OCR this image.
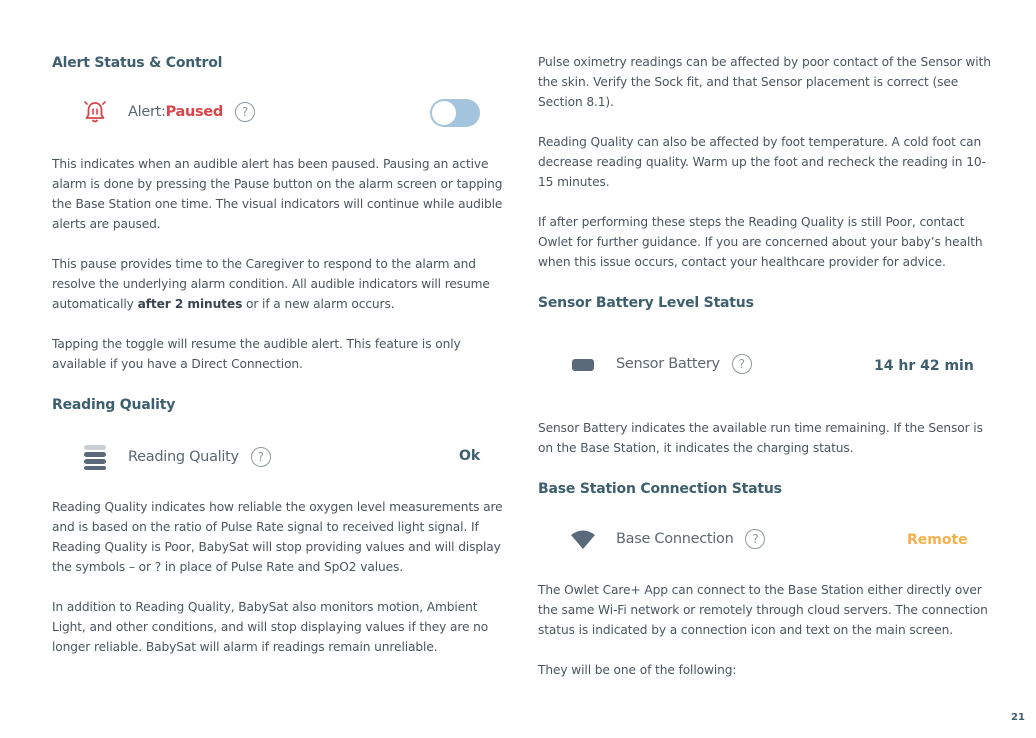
Alert Status & Control
Alert: Paused	?
This indicates when an audible alert has been paused. Pausing an active alarm is done by pressing the Pause button on the alarm screen or tapping the Base Station one time. The visual indicators will continue while audible alerts are paused.
This pause provides time to the Caregiver to respond to the alarm and resolve the underlying alarm condition. All audible indicators will resume automatically after 2 minutes or if a new alarm occurs.
Tapping the toggle will resume the audible alert. This feature is only available if you have a Direct Connection.
Reading Quality
Reading Quality	?	Ok
Reading Quality indicates how reliable the oxygen level measurements are and is based on the ratio of Pulse Rate signal to received light signal. If Reading Quality is Poor, BabySat will stop providing values and will display the symbols – or ? in place of Pulse Rate and SpO2 values.
In addition to Reading Quality, BabySat also monitors motion, Ambient Light, and other conditions, and will stop displaying values if they are no longer reliable. BabySat will alarm if readings remain unreliable.
Pulse oximetry readings can be affected by poor contact of the Sensor with the skin. Verify the Sock fit, and that Sensor placement is correct (see Section 8.1).
Reading Quality can also be affected by foot temperature. A cold foot can decrease reading quality. Warm up the foot and recheck the reading in 10-15 minutes.
If after performing these steps the Reading Quality is still Poor, contact Owlet for further guidance. If you are concerned about your baby’s health when this issue occurs, contact your healthcare provider for advice.
Sensor Battery Level Status
Sensor Battery	?	14 hr 42 min
Sensor Battery indicates the available run time remaining. If the Sensor is on the Base Station, it indicates the charging status.
Base Station Connection Status
Base Connection	?	Remote
The Owlet Care+ App can connect to the Base Station either directly over the same Wi-Fi network or remotely through cloud servers. The connection status is indicated by a connection icon and text on the main screen.
They will be one of the following:
21
